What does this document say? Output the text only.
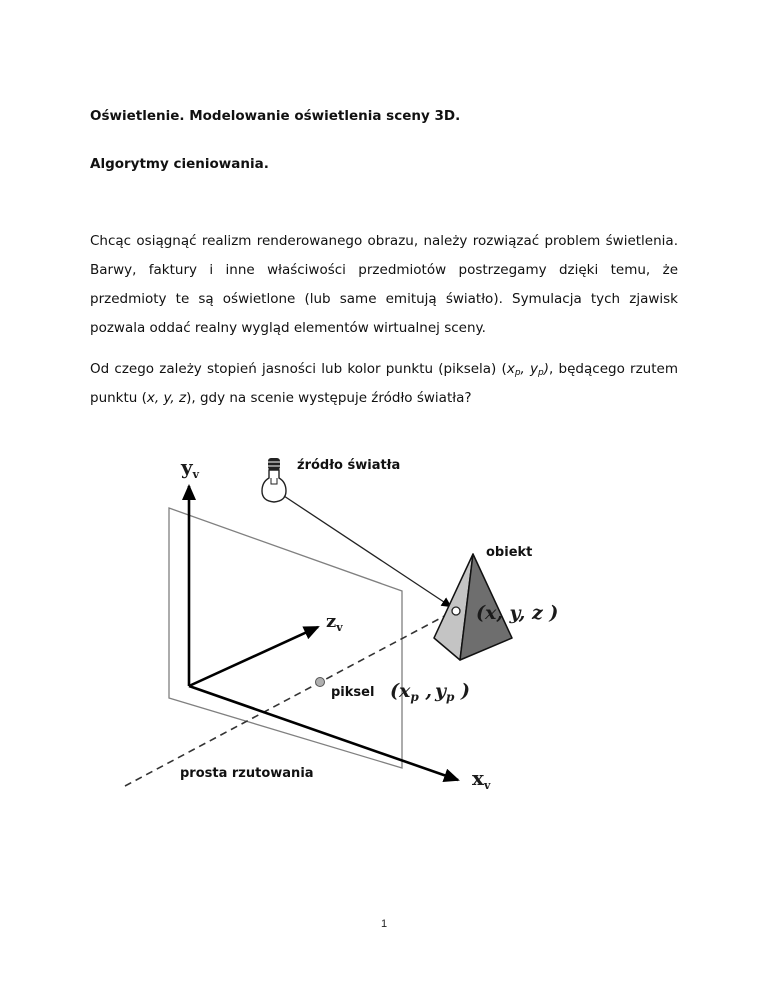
Oświetlenie. Modelowanie oświetlenia sceny 3D.
Algorytmy cieniowania.
Chcąc osiągnąć realizm renderowanego obrazu, należy rozwiązać problem świetlenia.
Barwy, faktury i inne właściwości przedmiotów postrzegamy dzięki temu, że
przedmioty te są oświetlone (lub same emitują światło). Symulacja tych zjawisk
pozwala oddać realny wygląd elementów wirtualnej sceny.
Od czego zależy stopień jasności lub kolor punktu (piksela) ($x_p$, $y_p$), będącego rzutem
punktu (x, y, z), gdy na scenie występuje źródło światła?
$y_v$
$z_v$
$x_v$
źródło światła
obiekt
(x, y, z )
piksel ($x_p$ , $y_p$ )
prosta rzutowania
1
